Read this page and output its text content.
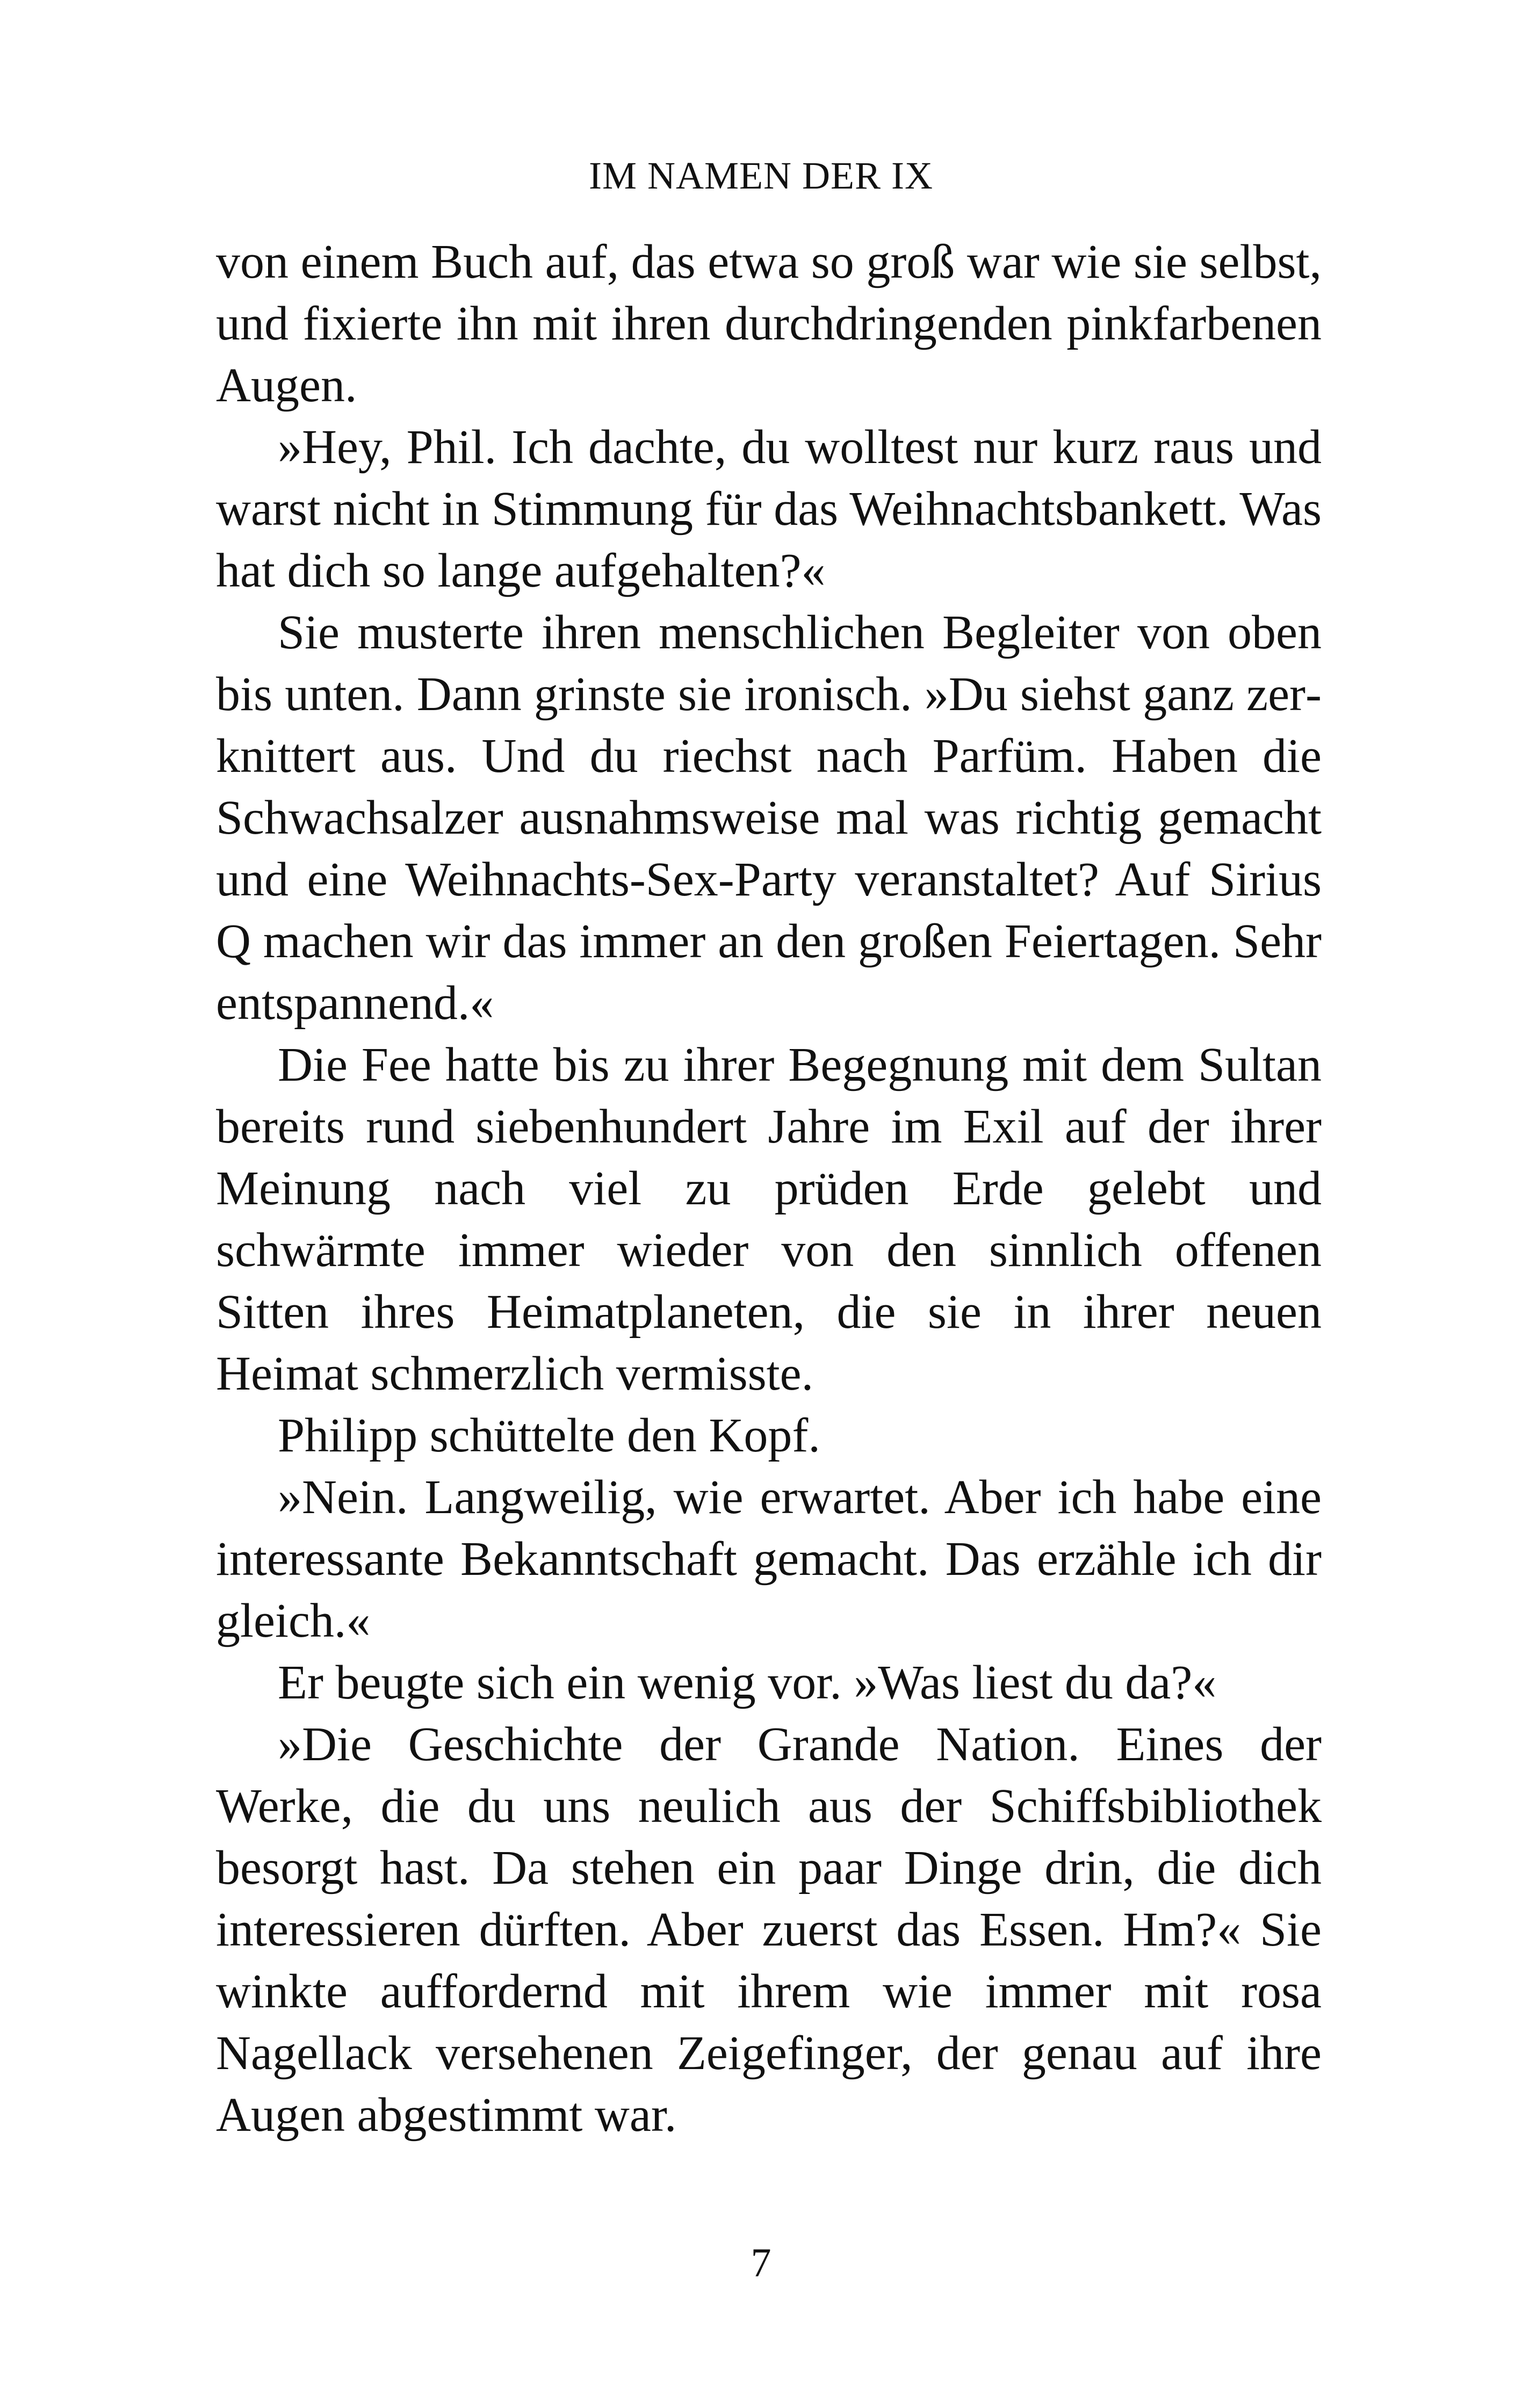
IM NAMEN DER IX

von einem Buch auf, das etwa so groß war wie sie selbst, und fixierte ihn mit ihren durchdringenden pinkfarbenen Augen.

»Hey, Phil. Ich dachte, du wolltest nur kurz raus und warst nicht in Stimmung für das Weihnachtsbankett. Was hat dich so lange aufgehalten?«

Sie musterte ihren menschlichen Begleiter von oben bis unten. Dann grinste sie ironisch. »Du siehst ganz zerknittert aus. Und du riechst nach Parfüm. Haben die Schwachsalzer ausnahmsweise mal was richtig gemacht und eine Weihnachts-Sex-Party veranstaltet? Auf Sirius Q machen wir das immer an den großen Feiertagen. Sehr entspannend.«

Die Fee hatte bis zu ihrer Begegnung mit dem Sultan bereits rund siebenhundert Jahre im Exil auf der ihrer Meinung nach viel zu prüden Erde gelebt und schwärmte immer wieder von den sinnlich offenen Sitten ihres Heimatplaneten, die sie in ihrer neuen Heimat schmerzlich vermisste.

Philipp schüttelte den Kopf.

»Nein. Langweilig, wie erwartet. Aber ich habe eine interessante Bekanntschaft gemacht. Das erzähle ich dir gleich.«

Er beugte sich ein wenig vor. »Was liest du da?«

»Die Geschichte der Grande Nation. Eines der Werke, die du uns neulich aus der Schiffsbibliothek besorgt hast. Da stehen ein paar Dinge drin, die dich interessieren dürften. Aber zuerst das Essen. Hm?« Sie winkte auffordernd mit ihrem wie immer mit rosa Nagellack versehenen Zeigefinger, der genau auf ihre Augen abgestimmt war.

7
